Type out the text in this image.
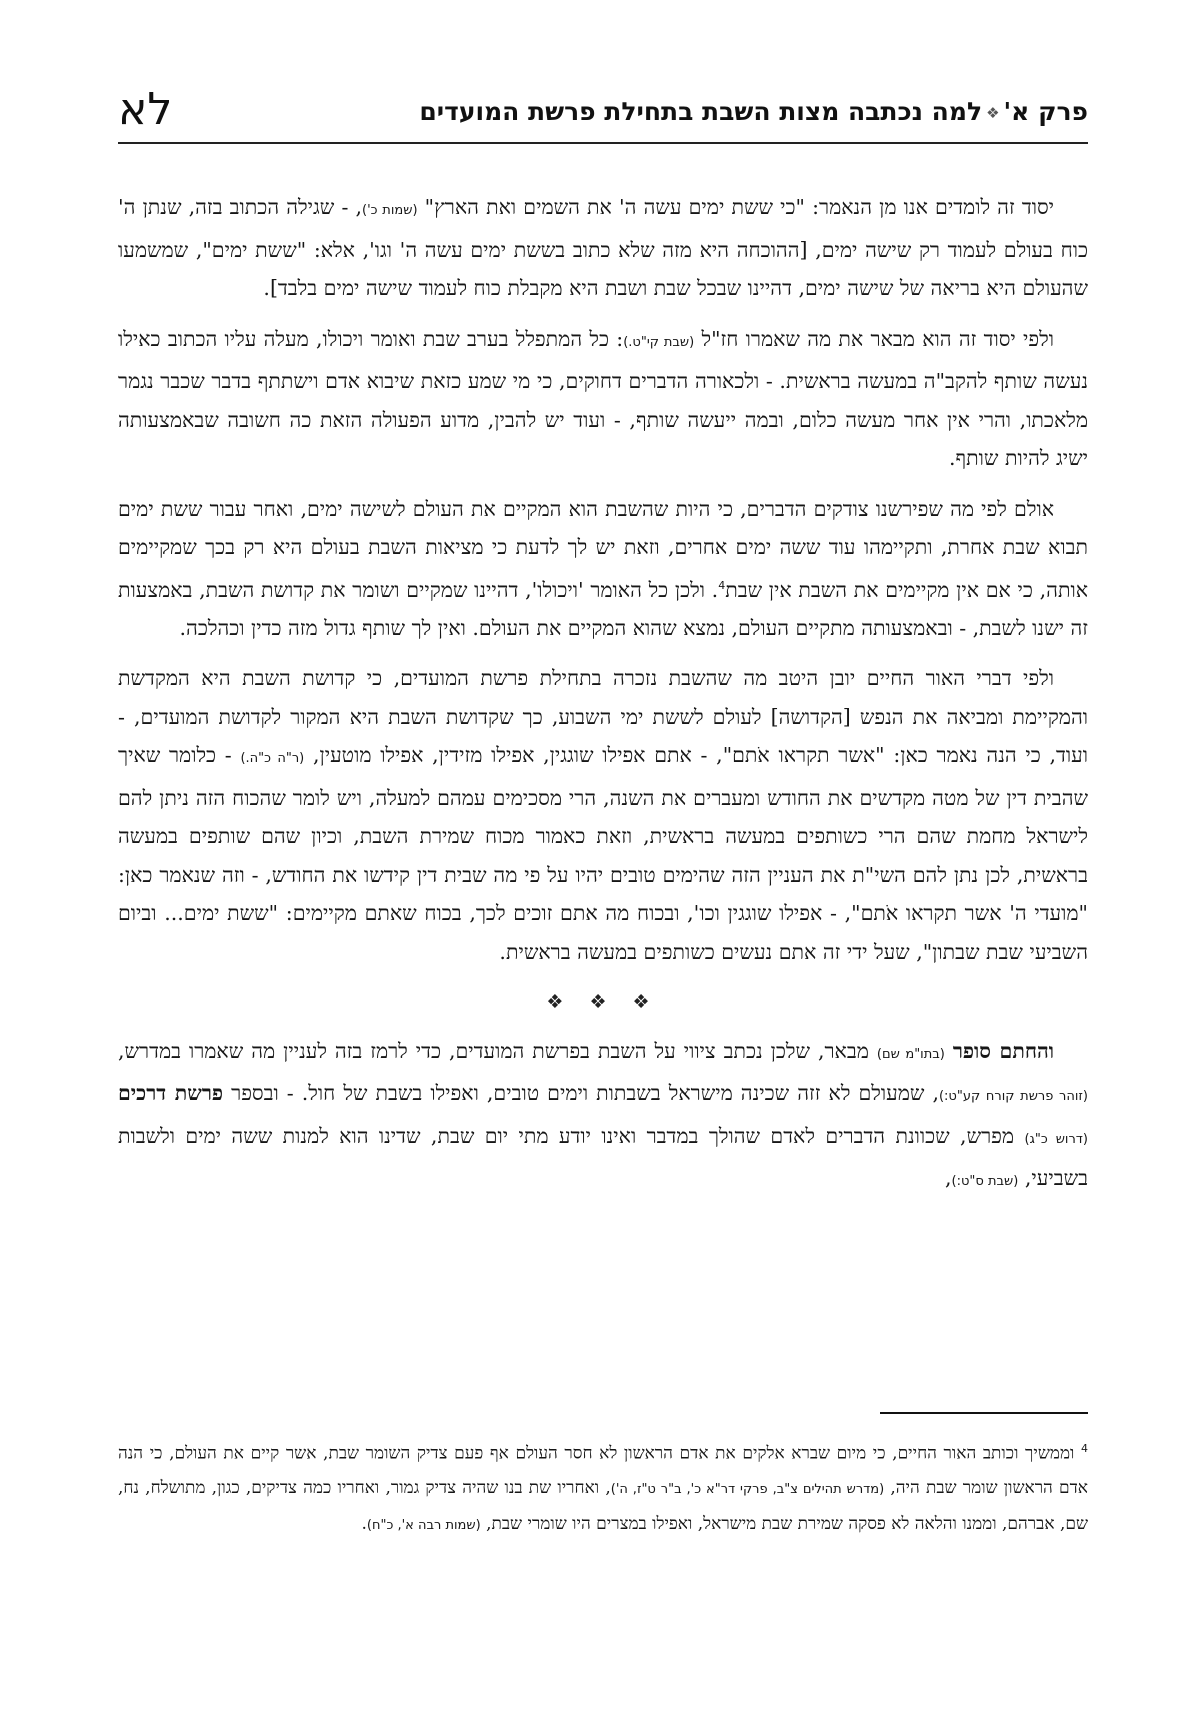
פרק א'❖למה נכתבה מצות השבת בתחילת פרשת המועדים
לא

יסוד זה לומדים אנו מן הנאמר: "כי ששת ימים עשה ה' את השמים ואת הארץ" (שמות כ'), - שגילה הכתוב בזה, שנתן ה' כוח בעולם לעמוד רק שישה ימים, [ההוכחה היא מזה שלא כתוב בששת ימים עשה ה' וגו', אלא: "ששת ימים", שמשמעו שהעולם היא בריאה של שישה ימים, דהיינו שבכל שבת ושבת היא מקבלת כוח לעמוד שישה ימים בלבד].

ולפי יסוד זה הוא מבאר את מה שאמרו חז"ל (שבת קי"ט.): כל המתפלל בערב שבת ואומר ויכולו, מעלה עליו הכתוב כאילו נעשה שותף להקב"ה במעשה בראשית. - ולכאורה הדברים דחוקים, כי מי שמע כזאת שיבוא אדם וישתתף בדבר שכבר נגמר מלאכתו, והרי אין אחר מעשה כלום, ובמה ייעשה שותף, - ועוד יש להבין, מדוע הפעולה הזאת כה חשובה שבאמצעותה ישיג להיות שותף.

אולם לפי מה שפירשנו צודקים הדברים, כי היות שהשבת הוא המקיים את העולם לשישה ימים, ואחר עבור ששת ימים תבוא שבת אחרת, ותקיימהו עוד ששה ימים אחרים, וזאת יש לך לדעת כי מציאות השבת בעולם היא רק בכך שמקיימים אותה, כי אם אין מקיימים את השבת אין שבת$^4$. ולכן כל האומר 'ויכולו', דהיינו שמקיים ושומר את קדושת השבת, באמצעות זה ישנו לשבת, - ובאמצעותה מתקיים העולם, נמצא שהוא המקיים את העולם. ואין לך שותף גדול מזה כדין וכהלכה.

ולפי דברי האור החיים יובן היטב מה שהשבת נזכרה בתחילת פרשת המועדים, כי קדושת השבת היא המקדשת והמקיימת ומביאה את הנפש [הקדושה] לעולם לששת ימי השבוע, כך שקדושת השבת היא המקור לקדושת המועדים, - ועוד, כי הנה נאמר כאן: "אשר תקראו אֹתם", - אתם אפילו שוגגין, אפילו מזידין, אפילו מוטעין, (ר"ה כ"ה.) - כלומר שאיך שהבית דין של מטה מקדשים את החודש ומעברים את השנה, הרי מסכימים עמהם למעלה, ויש לומר שהכוח הזה ניתן להם לישראל מחמת שהם הרי כשותפים במעשה בראשית, וזאת כאמור מכוח שמירת השבת, וכיון שהם שותפים במעשה בראשית, לכן נתן להם השי"ת את העניין הזה שהימים טובים יהיו על פי מה שבית דין קידשו את החודש, - וזה שנאמר כאן: "מועדי ה' אשר תקראו אֹתם", - אפילו שוגגין וכו', ובכוח מה אתם זוכים לכך, בכוח שאתם מקיימים: "ששת ימים... וביום השביעי שבת שבתון", שעל ידי זה אתם נעשים כשותפים במעשה בראשית.

❖ ❖ ❖

והחתם סופר (בתו"מ שם) מבאר, שלכן נכתב ציווי על השבת בפרשת המועדים, כדי לרמז בזה לעניין מה שאמרו במדרש, (זוהר פרשת קורח קע"ט:), שמעולם לא זזה שכינה מישראל בשבתות וימים טובים, ואפילו בשבת של חול. - ובספר פרשת דרכים (דרוש כ"ג) מפרש, שכוונת הדברים לאדם שהולך במדבר ואינו יודע מתי יום שבת, שדינו הוא למנות ששה ימים ולשבות בשביעי, (שבת ס"ט:),

$^4$ וממשיך וכותב האור החיים, כי מיום שברא אלקים את אדם הראשון לא חסר העולם אף פעם צדיק השומר שבת, אשר קיים את העולם, כי הנה אדם הראשון שומר שבת היה, (מדרש תהילים צ"ב, פרקי דר"א כ', ב"ר ט"ז, ה'), ואחריו שת בנו שהיה צדיק גמור, ואחריו כמה צדיקים, כגון, מתושלח, נח, שם, אברהם, וממנו והלאה לא פסקה שמירת שבת מישראל, ואפילו במצרים היו שומרי שבת, (שמות רבה א', כ"ח).
